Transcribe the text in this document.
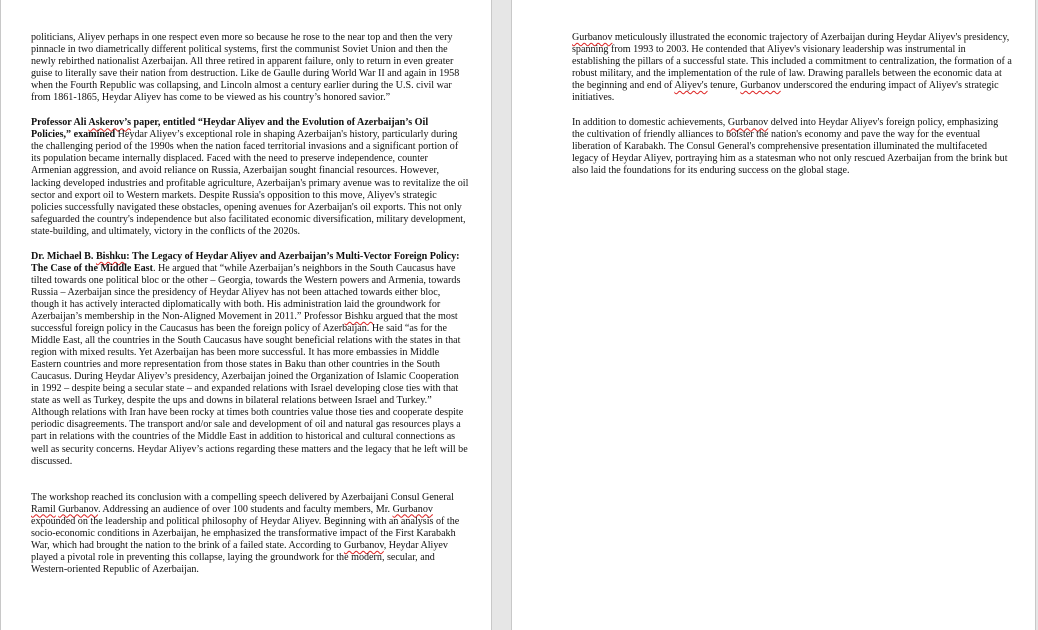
politicians, Aliyev perhaps in one respect even more so because he rose to the near top and then the very pinnacle in two diametrically different political systems, first the communist Soviet Union and then the newly rebirthed nationalist Azerbaijan. All three retired in apparent failure, only to return in even greater guise to literally save their nation from destruction. Like de Gaulle during World War II and again in 1958 when the Fourth Republic was collapsing, and Lincoln almost a century earlier during the U.S. civil war from 1861-1865, Heydar Aliyev has come to be viewed as his country’s honored savior.”

Professor Ali Askerov’s paper, entitled “Heydar Aliyev and the Evolution of Azerbaijan’s Oil Policies,” examined Heydar Aliyev’s exceptional role in shaping Azerbaijan's history, particularly during the challenging period of the 1990s when the nation faced territorial invasions and a significant portion of its population became internally displaced. Faced with the need to preserve independence, counter Armenian aggression, and avoid reliance on Russia, Azerbaijan sought financial resources. However, lacking developed industries and profitable agriculture, Azerbaijan's primary avenue was to revitalize the oil sector and export oil to Western markets. Despite Russia's opposition to this move, Aliyev's strategic policies successfully navigated these obstacles, opening avenues for Azerbaijan's oil exports. This not only safeguarded the country's independence but also facilitated economic diversification, military development, state-building, and ultimately, victory in the conflicts of the 2020s.

Dr. Michael B. Bishku: The Legacy of Heydar Aliyev and Azerbaijan’s Multi-Vector Foreign Policy: The Case of the Middle East. He argued that “while Azerbaijan’s neighbors in the South Caucasus have tilted towards one political bloc or the other – Georgia, towards the Western powers and Armenia, towards Russia – Azerbaijan since the presidency of Heydar Aliyev has not been attached towards either bloc, though it has actively interacted diplomatically with both. His administration laid the groundwork for Azerbaijan’s membership in the Non-Aligned Movement in 2011.” Professor Bishku argued that the most successful foreign policy in the Caucasus has been the foreign policy of Azerbaijan. He said “as for the Middle East, all the countries in the South Caucasus have sought beneficial relations with the states in that region with mixed results. Yet Azerbaijan has been more successful. It has more embassies in Middle Eastern countries and more representation from those states in Baku than other countries in the South Caucasus. During Heydar Aliyev’s presidency, Azerbaijan joined the Organization of Islamic Cooperation in 1992 – despite being a secular state – and expanded relations with Israel developing close ties with that state as well as Turkey, despite the ups and downs in bilateral relations between Israel and Turkey.” Although relations with Iran have been rocky at times both countries value those ties and cooperate despite periodic disagreements. The transport and/or sale and development of oil and natural gas resources plays a part in relations with the countries of the Middle East in addition to historical and cultural connections as well as security concerns. Heydar Aliyev’s actions regarding these matters and the legacy that he left will be discussed.

The workshop reached its conclusion with a compelling speech delivered by Azerbaijani Consul General Ramil Gurbanov. Addressing an audience of over 100 students and faculty members, Mr. Gurbanov expounded on the leadership and political philosophy of Heydar Aliyev. Beginning with an analysis of the socio-economic conditions in Azerbaijan, he emphasized the transformative impact of the First Karabakh War, which had brought the nation to the brink of a failed state. According to Gurbanov, Heydar Aliyev played a pivotal role in preventing this collapse, laying the groundwork for the modern, secular, and Western-oriented Republic of Azerbaijan.

Gurbanov meticulously illustrated the economic trajectory of Azerbaijan during Heydar Aliyev's presidency, spanning from 1993 to 2003. He contended that Aliyev's visionary leadership was instrumental in establishing the pillars of a successful state. This included a commitment to centralization, the formation of a robust military, and the implementation of the rule of law. Drawing parallels between the economic data at the beginning and end of Aliyev's tenure, Gurbanov underscored the enduring impact of Aliyev's strategic initiatives.

In addition to domestic achievements, Gurbanov delved into Heydar Aliyev's foreign policy, emphasizing the cultivation of friendly alliances to bolster the nation's economy and pave the way for the eventual liberation of Karabakh. The Consul General's comprehensive presentation illuminated the multifaceted legacy of Heydar Aliyev, portraying him as a statesman who not only rescued Azerbaijan from the brink but also laid the foundations for its enduring success on the global stage.
